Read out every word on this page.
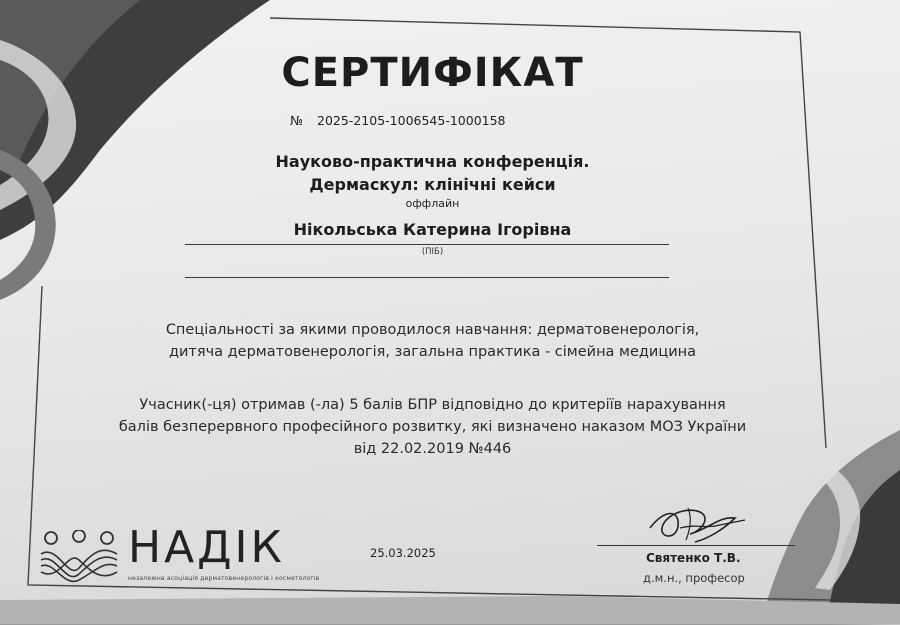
СЕРТИФІКАТ
№ 2025-2105-1006545-1000158
Науково-практична конференція.
Дермаскул: клінічні кейси
оффлайн
Нікольська Катерина Ігорівна
(ПІБ)
Спеціальності за якими проводилося навчання: дерматовенерологія,
дитяча дерматовенерологія, загальна практика - сімейна медицина
Учасник(-ця) отримав (-ла) 5 балів БПР відповідно до критеріїв нарахування
балів безперервного професійного розвитку, які визначено наказом МОЗ України
від 22.02.2019 №446
НАДІК
незалежна асоціація дерматовенерологів і косметологів
25.03.2025	Святенко Т.В.
д.м.н., професор
